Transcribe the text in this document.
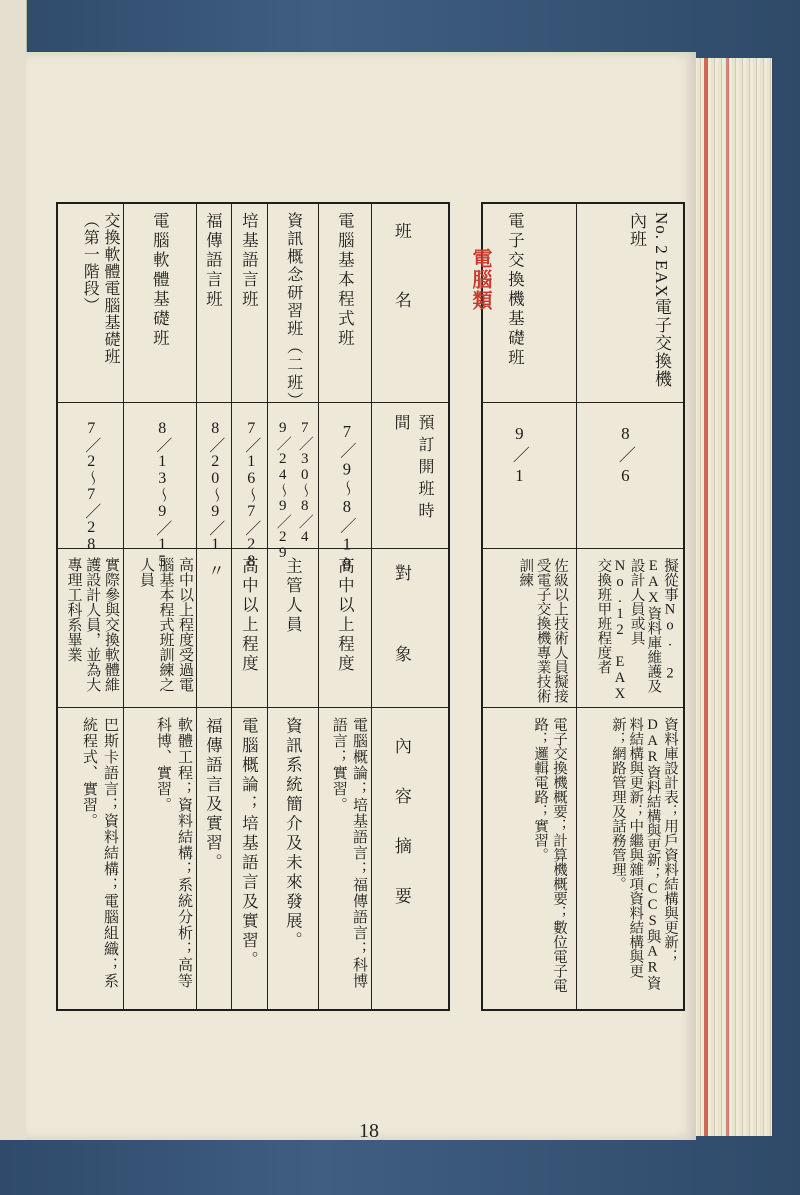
No. 2 EAX電子交換機內班
8／6
擬從事No. 2 EAX資料庫維護及設計人員或具No.12 EAX交換班甲班程度者
資料庫設計表；用戶資料結構與更新；DAR資料結構與更新；CCS與AR資料結構與更新；中繼與雜項資料結構與更新；網路管理及話務管理。
電子交換機基礎班
9／1
佐級以上技術人員擬接受電子交換機專業技術訓練
電子交換機概要；計算機概要；數位電子電路；邏輯電路；實習。
電腦類
班　　名
預訂開班時間
對　　象
內　容　摘　要
電腦基本程式班
7／9～8／18
高中以上程度
電腦概論；培基語言；福傳語言；科博語言；實習。
資訊概念研習班（二班）
7／30～8／4
9／24～9／29
主管人員
資訊系統簡介及未來發展。
培基語言班
7／16～7／28
高中以上程度
電腦概論；培基語言及實習。
福傳語言班
8／20～9／1
〃
福傳語言及實習。
電腦軟體基礎班
8／13～9／15
高中以上程度受過電腦基本程式班訓練之人員
軟體工程；資料結構；系統分析；高等科博、實習。
交換軟體電腦基礎班（第一階段）
7／2～7／28
實際參與交換軟體維護設計人員，並為大專理工科系畢業
巴斯卡語言；資料結構；電腦組織；系統程式、實習。
18
